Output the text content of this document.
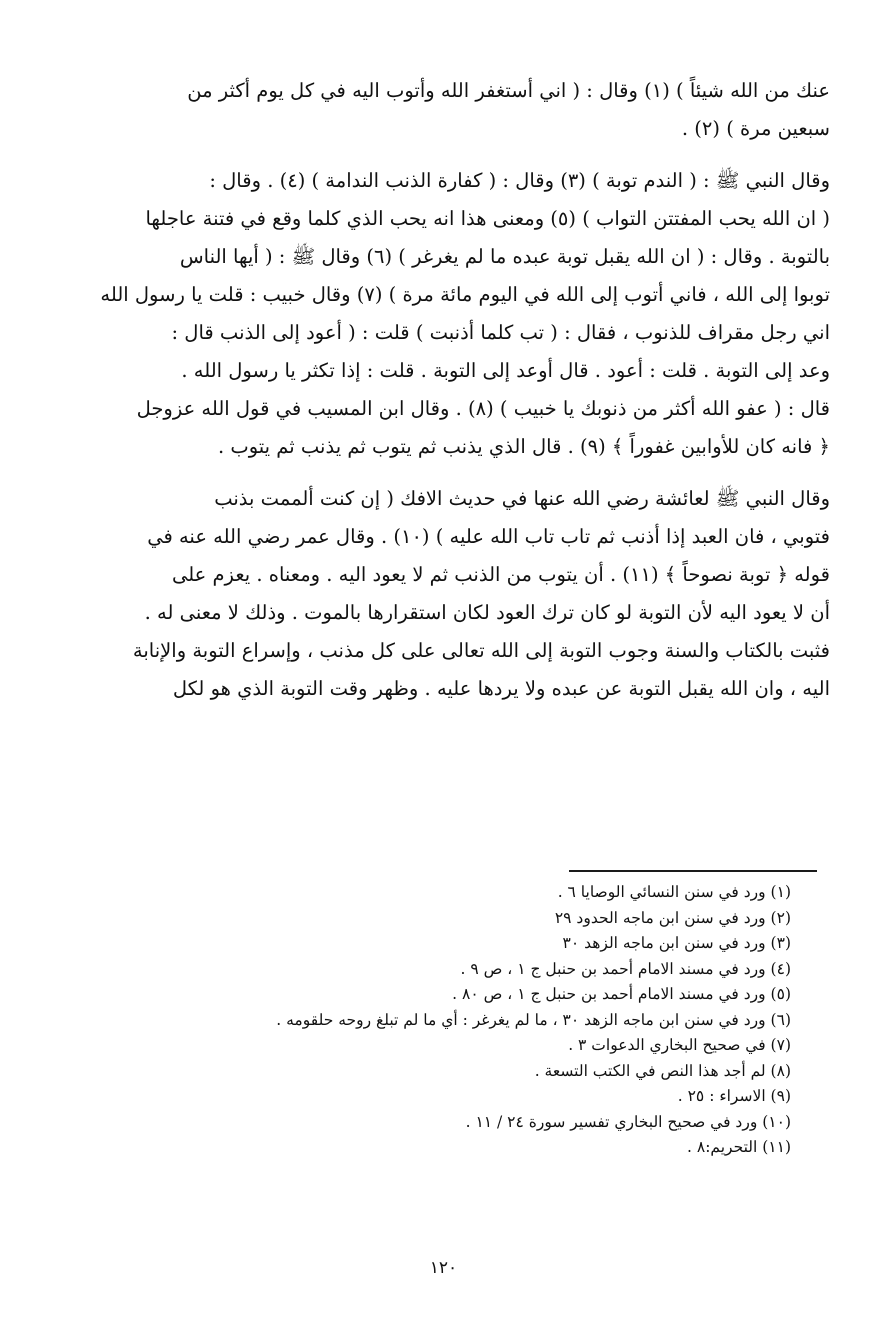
عنك من الله شيئاً ) (١) وقال : ( اني أستغفر الله وأتوب اليه في كل يوم أكثر من
سبعين مرة ) (٢) .

وقال النبي ﷺ : ( الندم توبة ) (٣) وقال : ( كفارة الذنب الندامة ) (٤) . وقال :
( ان الله يحب المفتتن التواب ) (٥) ومعنى هذا انه يحب الذي كلما وقع في فتنة عاجلها
بالتوبة . وقال : ( ان الله يقبل توبة عبده ما لم يغرغر ) (٦) وقال ﷺ : ( أيها الناس
توبوا إلى الله ، فاني أتوب إلى الله في اليوم مائة مرة ) (٧) وقال خبيب : قلت يا رسول الله
اني رجل مقراف للذنوب ، فقال : ( تب كلما أذنبت ) قلت : ( أعود إلى الذنب قال :
وعد إلى التوبة . قلت : أعود . قال أوعد إلى التوبة . قلت : إذا تكثر يا رسول الله .
قال : ( عفو الله أكثر من ذنوبك يا خبيب ) (٨) . وقال ابن المسيب في قول الله عزوجل
﴿ فانه كان للأوابين غفوراً ﴾ (٩) . قال الذي يذنب ثم يتوب ثم يذنب ثم يتوب .

وقال النبي ﷺ لعائشة رضي الله عنها في حديث الافك ( إن كنت ألممت بذنب
فتوبي ، فان العبد إذا أذنب ثم تاب تاب الله عليه ) (١٠) . وقال عمر رضي الله عنه في
قوله ﴿ توبة نصوحاً ﴾ (١١) . أن يتوب من الذنب ثم لا يعود اليه . ومعناه . يعزم على
أن لا يعود اليه لأن التوبة لو كان ترك العود لكان استقرارها بالموت . وذلك لا معنى له .
فثبت بالكتاب والسنة وجوب التوبة إلى الله تعالى على كل مذنب ، وإسراع التوبة والإنابة
اليه ، وان الله يقبل التوبة عن عبده ولا يردها عليه . وظهر وقت التوبة الذي هو لكل

(١) ورد في سنن النسائي الوصايا ٦ .
(٢) ورد في سنن ابن ماجه الحدود ٢٩
(٣) ورد في سنن ابن ماجه الزهد ٣٠
(٤) ورد في مسند الامام أحمد بن حنبل ج ١ ، ص ٩ .
(٥) ورد في مسند الامام أحمد بن حنبل ج ١ ، ص ٨٠ .
(٦) ورد في سنن ابن ماجه الزهد ٣٠ ، ما لم يغرغر : أي ما لم تبلغ روحه حلقومه .
(٧) في صحيح البخاري الدعوات ٣ .
(٨) لم أجد هذا النص في الكتب التسعة .
(٩) الاسراء : ٢٥ .
(١٠) ورد في صحيح البخاري تفسير سورة ٢٤ / ١١ .
(١١) التحريم:٨ .
١٢٠
